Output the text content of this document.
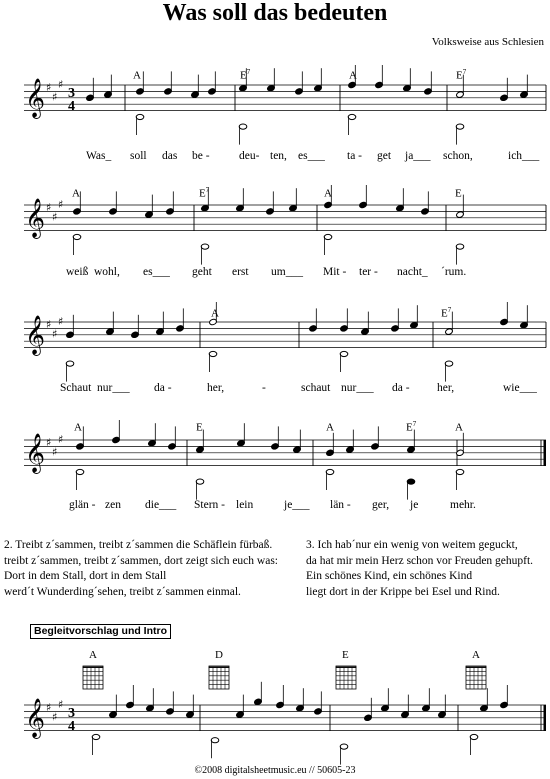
Was soll das bedeuten
Volksweise aus Schlesien
𝄞 ♯
♯
♯
3
4
A	$E^7$	A	$E^7$
Was_ soll das be -	deu- ten, es___ ta - get ja___ schon,	ich___
𝄞 ♯
♯
♯
A	$E^7$	A	E
weiß wohl, es___ geht erst um___ Mit - ter - nacht_ ´rum.
𝄞 ♯
♯
♯
A	$E^7$
Schaut nur___ da -	her,	-	schaut nur___ da - her,	wie___
𝄞 ♯
♯
♯
A	E	A	$E^7$	A
glän - zen die___ Stern - lein	je___ län - ger, je	mehr.
2. Treibt z´sammen, treibt z´sammen die Schäflein fürbaß.
treibt z´sammen, treibt z´sammen, dort zeigt sich euch was:
Dort in dem Stall, dort in dem Stall
werd´t Wunderding´sehen, treibt z´sammen einmal.
3. Ich hab´nur ein wenig von weitem geguckt,
da hat mir mein Herz schon vor Freuden gehupft.
Ein schönes Kind, ein schönes Kind
liegt dort in der Krippe bei Esel und Rind.
Begleitvorschlag und Intro
A	D	E	A
𝄞 ♯
♯
♯
3
4
©2008 digitalsheetmusic.eu // 50605-23
